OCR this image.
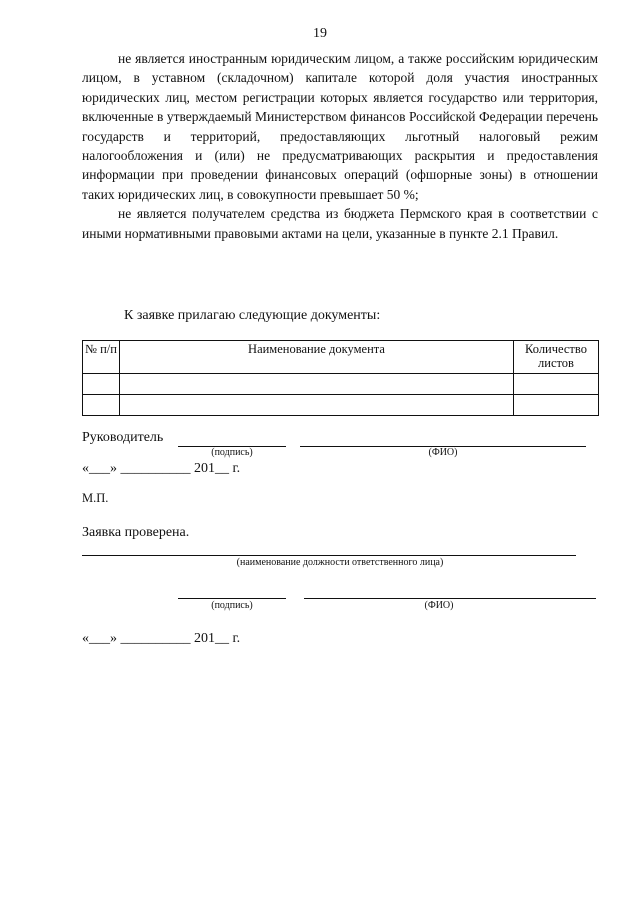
19

не является иностранным юридическим лицом, а также российским юридическим лицом, в уставном (складочном) капитале которой доля участия иностранных юридических лиц, местом регистрации которых является государство или территория, включенные в утверждаемый Министерством финансов Российской Федерации перечень государств и территорий, предоставляющих льготный налоговый режим налогообложения и (или) не предусматривающих раскрытия и предоставления информации при проведении финансовых операций (офшорные зоны) в отношении таких юридических лиц, в совокупности превышает 50 %;

не является получателем средства из бюджета Пермского края в соответствии с иными нормативными правовыми актами на цели, указанные в пункте 2.1 Правил.

К заявке прилагаю следующие документы:
№ п/п	Наименование документа	Количество листов

Руководитель
(подпись)	(ФИО)
«___» __________ 201__ г.
М.П.
Заявка проверена.
(наименование должности ответственного лица)
(подпись)	(ФИО)
«___» __________ 201__ г.
